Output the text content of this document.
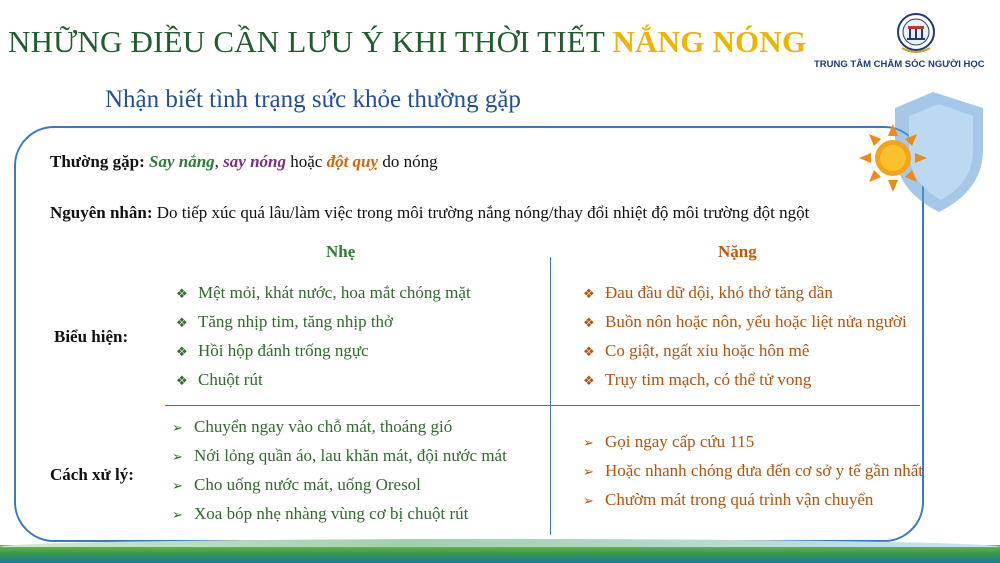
NHỮNG ĐIỀU CẦN LƯU Ý KHI THỜI TIẾT NẮNG NÓNG
TRUNG TÂM CHĂM SÓC NGƯỜI HỌC
Nhận biết tình trạng sức khỏe thường gặp
Thường gặp: Say nắng, say nóng hoặc đột quỵ do nóng
Nguyên nhân: Do tiếp xúc quá lâu/làm việc trong môi trường nắng nóng/thay đổi nhiệt độ môi trường đột ngột
Nhẹ	Nặng
Biểu hiện:
Cách xử lý:
❖ Mệt mỏi, khát nước, hoa mắt chóng mặt
❖ Tăng nhịp tim, tăng nhịp thở
❖ Hồi hộp đánh trống ngực
❖ Chuột rút
❖ Đau đầu dữ dội, khó thở tăng dần
❖ Buồn nôn hoặc nôn, yếu hoặc liệt nửa người
❖ Co giật, ngất xỉu hoặc hôn mê
❖ Trụy tim mạch, có thể tử vong
➢ Chuyển ngay vào chỗ mát, thoáng gió
➢ Nới lỏng quần áo, lau khăn mát, đội nước mát
➢ Cho uống nước mát, uống Oresol
➢ Xoa bóp nhẹ nhàng vùng cơ bị chuột rút
➢ Gọi ngay cấp cứu 115
➢ Hoặc nhanh chóng đưa đến cơ sở y tế gần nhất
➢ Chườm mát trong quá trình vận chuyển
